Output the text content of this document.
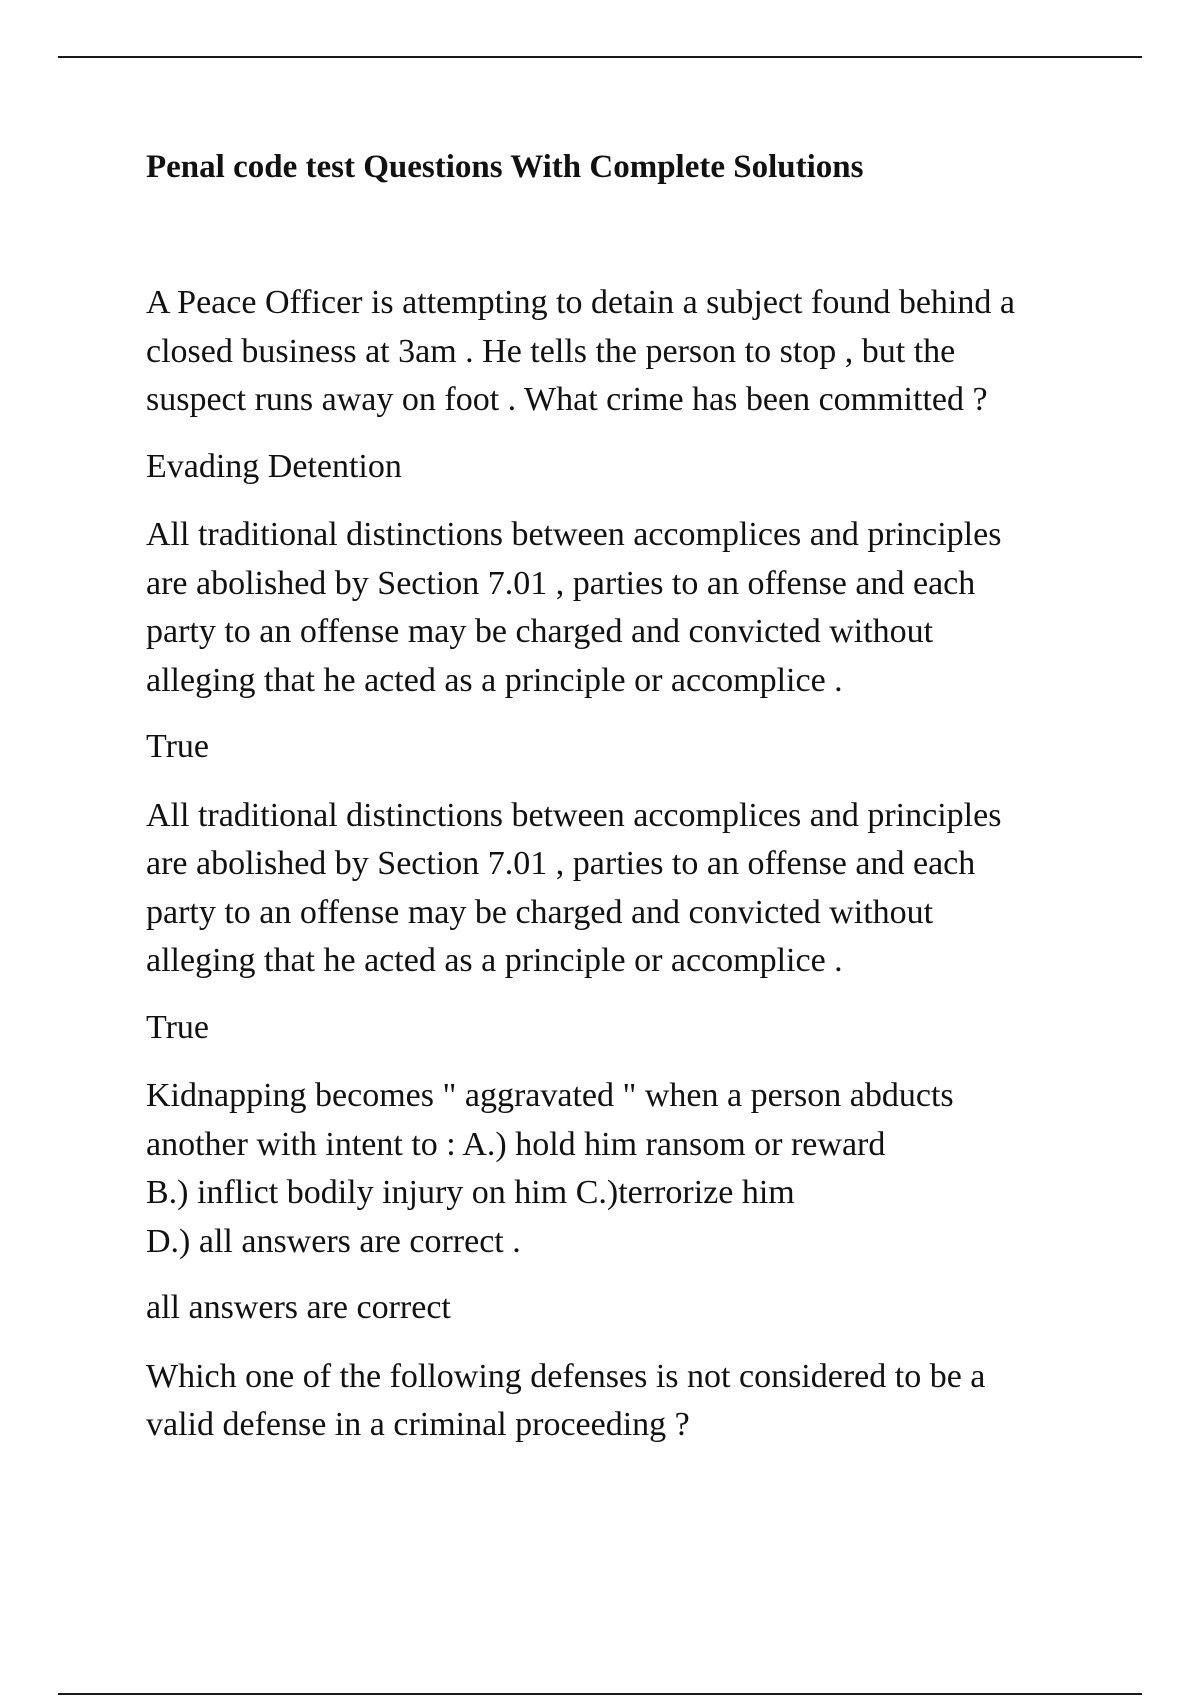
Penal code test Questions With Complete Solutions

A Peace Officer is attempting to detain a subject found behind a
closed business at 3am . He tells the person to stop , but the
suspect runs away on foot . What crime has been committed ?

Evading Detention

All traditional distinctions between accomplices and principles
are abolished by Section 7.01 , parties to an offense and each
party to an offense may be charged and convicted without
alleging that he acted as a principle or accomplice .

True

All traditional distinctions between accomplices and principles
are abolished by Section 7.01 , parties to an offense and each
party to an offense may be charged and convicted without
alleging that he acted as a principle or accomplice .

True

Kidnapping becomes " aggravated " when a person abducts
another with intent to : A.) hold him ransom or reward
B.) inflict bodily injury on him C.)terrorize him
D.) all answers are correct .

all answers are correct

Which one of the following defenses is not considered to be a
valid defense in a criminal proceeding ?
